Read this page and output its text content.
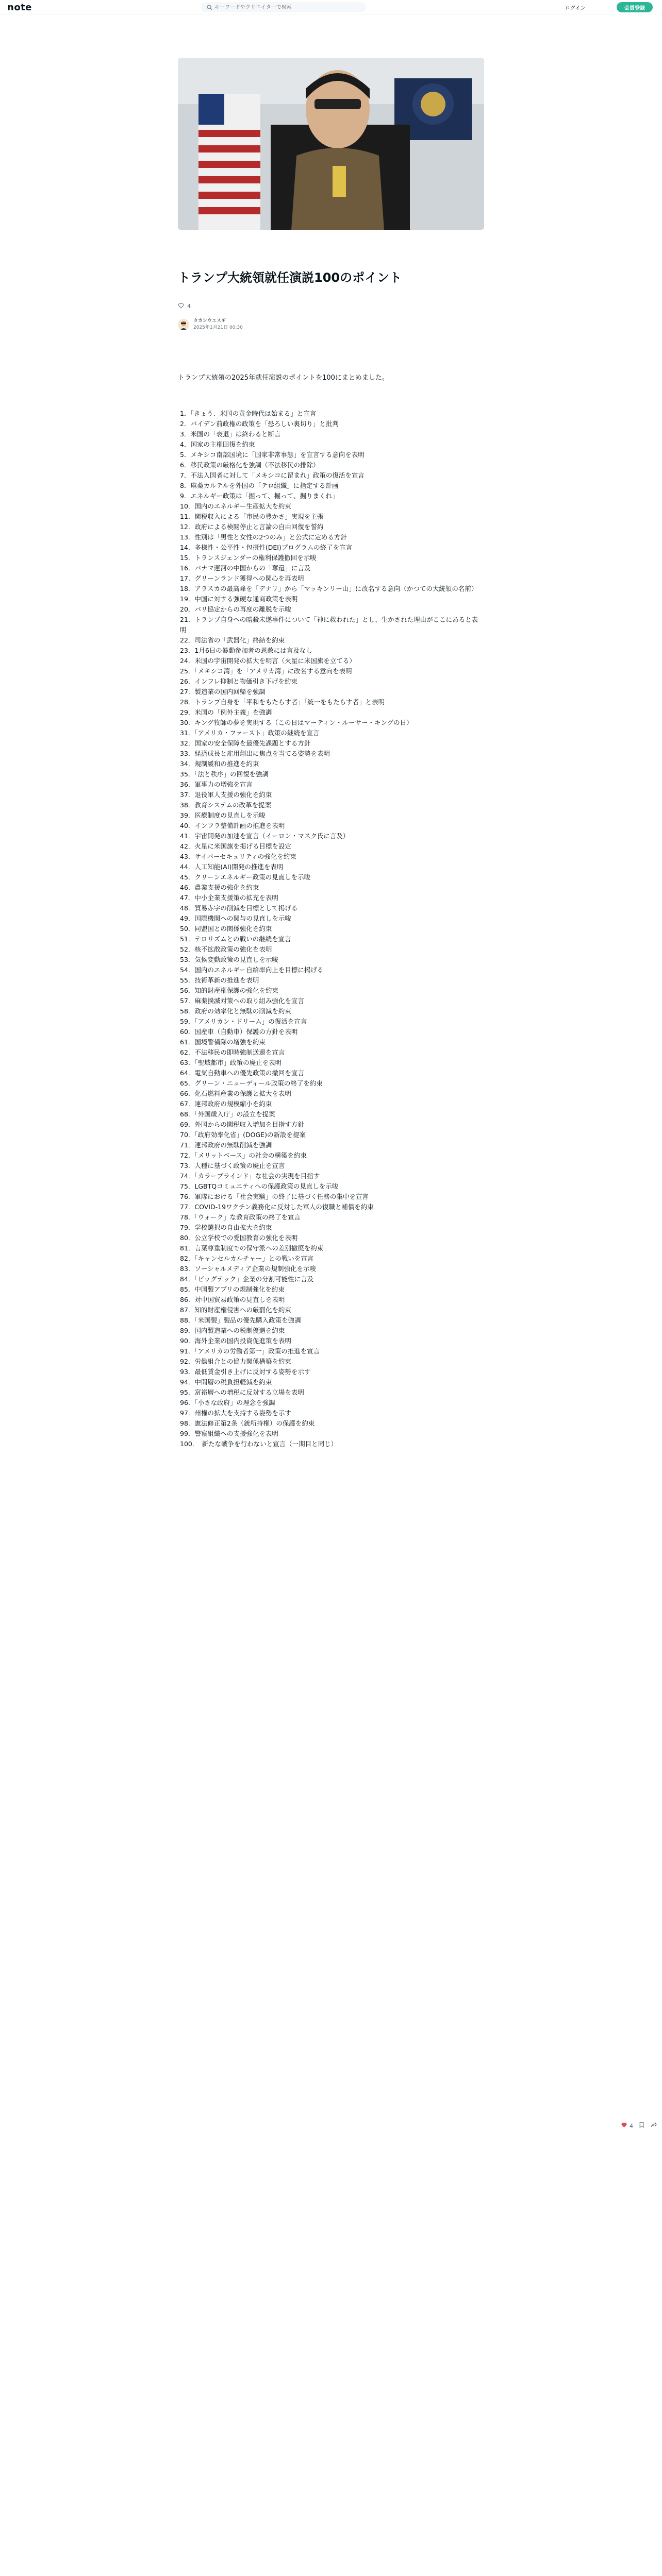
note
キーワードやクリエイターで検索	ログイン	会員登録
トランプ大統領就任演説100のポイント
4
タカシウエスギ
2025年1月21日 00:30

トランプ大統領の2025年就任演説のポイントを100にまとめました。

1．「きょう、米国の黄金時代は始まる」と宣言
2．バイデン前政権の政策を「恐ろしい裏切り」と批判
3．米国の「衰退」は終わると断言
4．国家の主権回復を約束
5．メキシコ南部国境に「国家非常事態」を宣言する意向を表明
6．移民政策の厳格化を強調（不法移民の排除）
7．不法入国者に対して「メキシコに留まれ」政策の復活を宣言
8．麻薬カルテルを外国の「テロ組織」に指定する計画
9．エネルギー政策は「掘って、掘って、掘りまくれ」
10．国内のエネルギー生産拡大を約束
11．関税収入による「市民の豊かさ」実現を主張
12．政府による検閲停止と言論の自由回復を誓約
13．性別は「男性と女性の2つのみ」と公式に定める方針
14．多様性・公平性・包摂性(DEI)プログラムの終了を宣言
15．トランスジェンダーの権利保護撤回を示唆
16．パナマ運河の中国からの「奪還」に言及
17．グリーンランド獲得への関心を再表明
18．アラスカの最高峰を「デナリ」から「マッキンリー山」に改名する意向（かつての大統領の名前）
19．中国に対する強硬な通商政策を表明
20．パリ協定からの再度の離脱を示唆
21．トランプ自身への暗殺未遂事件について「神に救われた」とし、生かされた理由がここにあると表明
22．司法省の「武器化」終結を約束
23．1月6日の暴動参加者の恩赦には言及なし
24．米国の宇宙開発の拡大を明言（火星に米国旗を立てる）
25．「メキシコ湾」を「アメリカ湾」に改名する意向を表明
26．インフレ抑制と物価引き下げを約束
27．製造業の国内回帰を強調
28．トランプ自身を「平和をもたらす者」「統一をもたらす者」と表明
29．米国の「例外主義」を強調
30．キング牧師の夢を実現する（この日はマーティン・ルーサー・キングの日）
31．「アメリカ・ファースト」政策の継続を宣言
32．国家の安全保障を最優先課題とする方針
33．経済成長と雇用創出に焦点を当てる姿勢を表明
34．規制緩和の推進を約束
35．「法と秩序」の回復を強調
36．軍事力の増強を宣言
37．退役軍人支援の強化を約束
38．教育システムの改革を提案
39．医療制度の見直しを示唆
40．インフラ整備計画の推進を表明
41．宇宙開発の加速を宣言（イーロン・マスク氏に言及）
42．火星に米国旗を掲げる目標を設定
43．サイバーセキュリティの強化を約束
44．人工知能(AI)開発の推進を表明
45．クリーンエネルギー政策の見直しを示唆
46．農業支援の強化を約束
47．中小企業支援策の拡充を表明
48．貿易赤字の削減を目標として掲げる
49．国際機関への関与の見直しを示唆
50．同盟国との関係強化を約束
51．テロリズムとの戦いの継続を宣言
52．核不拡散政策の強化を表明
53．気候変動政策の見直しを示唆
54．国内のエネルギー自給率向上を目標に掲げる
55．技術革新の推進を表明
56．知的財産権保護の強化を約束
57．麻薬撲滅対策への取り組み強化を宣言
58．政府の効率化と無駄の削減を約束
59．「アメリカン・ドリーム」の復活を宣言
60．国産車（自動車）保護の方針を表明
61．国境警備隊の増強を約束
62．不法移民の即時強制送還を宣言
63．「聖域都市」政策の廃止を表明
64．電気自動車への優先政策の撤回を宣言
65．グリーン・ニューディール政策の終了を約束
66．化石燃料産業の保護と拡大を表明
67．連邦政府の規模縮小を約束
68．「外国歳入庁」の設立を提案
69．外国からの関税収入増加を目指す方針
70．「政府効率化省」(DOGE)の新設を提案
71．連邦政府の無駄削減を強調
72．「メリットベース」の社会の構築を約束
73．人種に基づく政策の廃止を宣言
74．「カラーブラインド」な社会の実現を目指す
75．LGBTQコミュニティへの保護政策の見直しを示唆
76．軍隊における「社会実験」の終了に基づく任務の集中を宣言
77．COVID-19ワクチン義務化に反対した軍人の復職と補償を約束
78．「ウォーク」な教育政策の終了を宣言
79．学校選択の自由拡大を約束
80．公立学校での愛国教育の強化を表明
81．言葉尊重制度での保守派への差別撤廃を約束
82．「キャンセルカルチャー」との戦いを宣言
83．ソーシャルメディア企業の規制強化を示唆
84．「ビッグテック」企業の分割可能性に言及
85．中国製アプリの規制強化を約束
86．対中国貿易政策の見直しを表明
87．知的財産権侵害への厳罰化を約束
88．「米国製」製品の優先購入政策を強調
89．国内製造業への税制優遇を約束
90．海外企業の国内投資促進策を表明
91．「アメリカの労働者第一」政策の推進を宣言
92．労働組合との協力関係構築を約束
93．最低賃金引き上げに反対する姿勢を示す
94．中間層の税負担軽減を約束
95．富裕層への増税に反対する立場を表明
96．「小さな政府」の理念を強調
97．州権の拡大を支持する姿勢を示す
98．憲法修正第2条（銃所持権）の保護を約束
99．警察組織への支援強化を表明
100．　新たな戦争を行わないと宣言（一期目と同じ）

4
